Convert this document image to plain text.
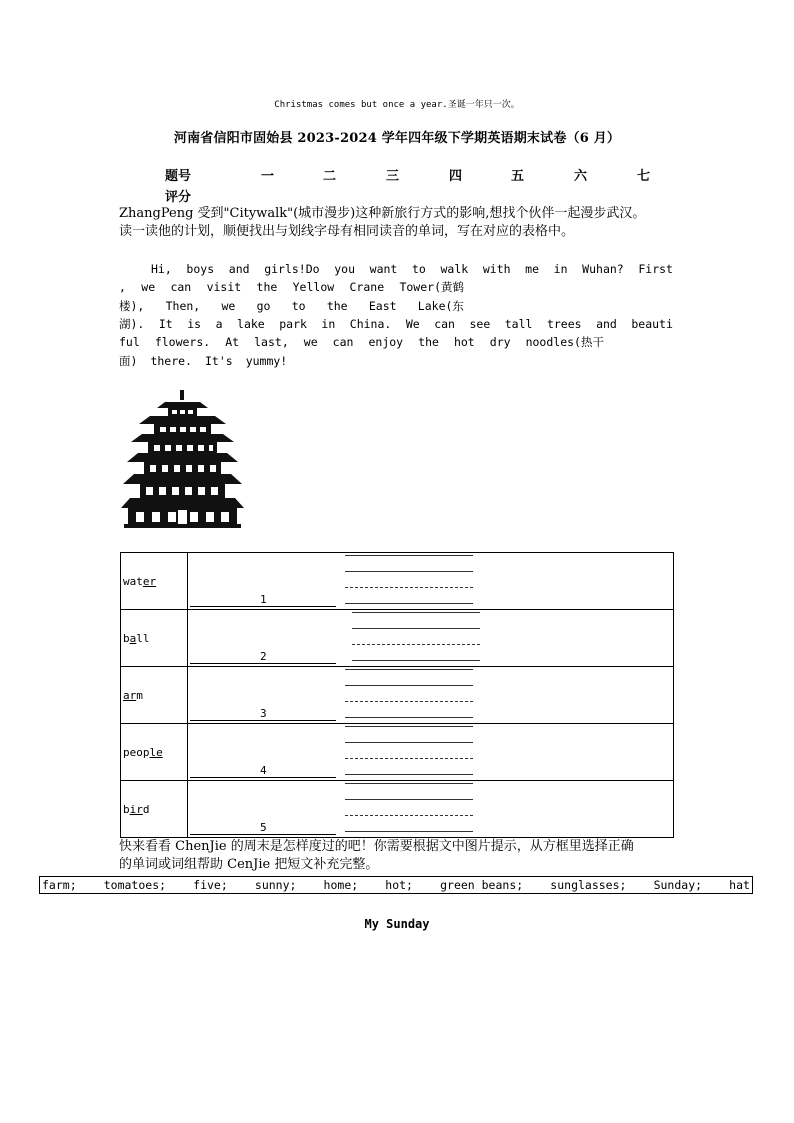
Christmas comes but once a year.圣诞一年只一次。
河南省信阳市固始县 2023-2024 学年四年级下学期英语期末试卷（6 月）
题号	一	二	三	四	五	六	七
评分
ZhangPeng 受到"Citywalk"(城市漫步)这种新旅行方式的影响,想找个伙伴一起漫步武汉。
读一读他的计划，顺便找出与划线字母有相同读音的单词，写在对应的表格中。
Hi, boys and girls!Do you want to walk with me in Wuhan? First
, we can visit the Yellow Crane Tower(黄鹤
楼), Then, we go to the East Lake(东
湖). It is a lake park in China. We can see tall trees and beauti
ful flowers. At last, we can enjoy the hot dry noodles(热干
面) there. It's yummy!
water	1

ball	2

arm	3

people	4

bird	5
快来看看 ChenJie 的周末是怎样度过的吧！你需要根据文中图片提示，从方框里选择正确
的单词或词组帮助 CenJie 把短文补充完整。
farm; tomatoes; five; sunny; home; hot; green beans; sunglasses; Sunday; hat
My Sunday
